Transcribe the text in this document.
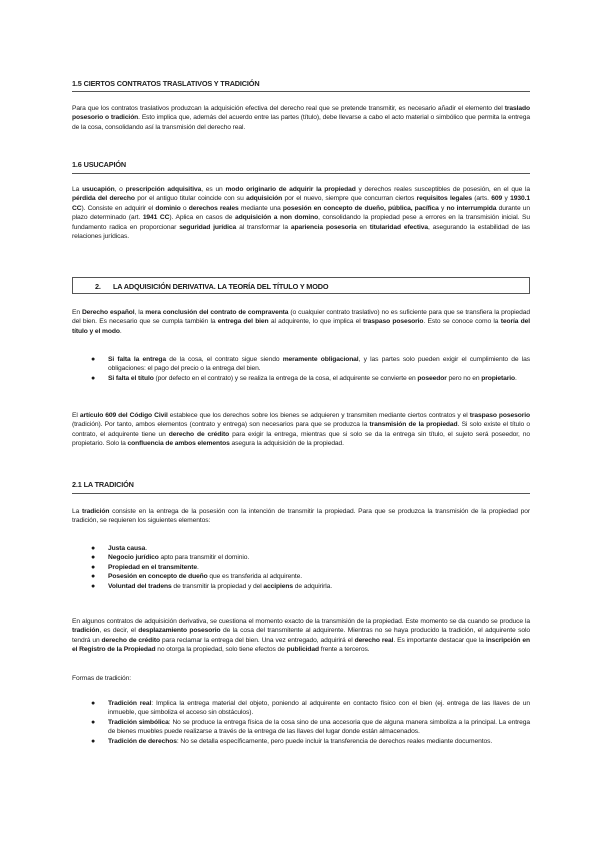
1.5 CIERTOS CONTRATOS TRASLATIVOS Y TRADICIÓN

Para que los contratos traslativos produzcan la adquisición efectiva del derecho real que se pretende transmitir, es necesario añadir el elemento del traslado posesorio o tradición. Esto implica que, además del acuerdo entre las partes (título), debe llevarse a cabo el acto material o simbólico que permita la entrega de la cosa, consolidando así la transmisión del derecho real.

1.6 USUCAPIÓN

La usucapión, o prescripción adquisitiva, es un modo originario de adquirir la propiedad y derechos reales susceptibles de posesión, en el que la pérdida del derecho por el antiguo titular coincide con su adquisición por el nuevo, siempre que concurran ciertos requisitos legales (arts. 609 y 1930.1 CC). Consiste en adquirir el dominio o derechos reales mediante una posesión en concepto de dueño, pública, pacífica y no interrumpida durante un plazo determinado (art. 1941 CC). Aplica en casos de adquisición a non domino, consolidando la propiedad pese a errores en la transmisión inicial. Su fundamento radica en proporcionar seguridad jurídica al transformar la apariencia posesoria en titularidad efectiva, asegurando la estabilidad de las relaciones jurídicas.

2. LA ADQUISICIÓN DERIVATIVA. LA TEORÍA DEL TÍTULO Y MODO

En Derecho español, la mera conclusión del contrato de compraventa (o cualquier contrato traslativo) no es suficiente para que se transfiera la propiedad del bien. Es necesario que se cumpla también la entrega del bien al adquirente, lo que implica el traspaso posesorio. Esto se conoce como la teoría del título y el modo.

● Si falta la entrega de la cosa, el contrato sigue siendo meramente obligacional, y las partes solo pueden exigir el cumplimiento de las obligaciones: el pago del precio o la entrega del bien.
● Si falta el título (por defecto en el contrato) y se realiza la entrega de la cosa, el adquirente se convierte en poseedor pero no en propietario.

El artículo 609 del Código Civil establece que los derechos sobre los bienes se adquieren y transmiten mediante ciertos contratos y el traspaso posesorio (tradición). Por tanto, ambos elementos (contrato y entrega) son necesarios para que se produzca la transmisión de la propiedad. Si solo existe el título o contrato, el adquirente tiene un derecho de crédito para exigir la entrega, mientras que si solo se da la entrega sin título, el sujeto será poseedor, no propietario. Solo la confluencia de ambos elementos asegura la adquisición de la propiedad.

2.1 LA TRADICIÓN

La tradición consiste en la entrega de la posesión con la intención de transmitir la propiedad. Para que se produzca la transmisión de la propiedad por tradición, se requieren los siguientes elementos:

● Justa causa.
● Negocio jurídico apto para transmitir el dominio.
● Propiedad en el transmitente.
● Posesión en concepto de dueño que es transferida al adquirente.
● Voluntad del tradens de transmitir la propiedad y del accipiens de adquirirla.

En algunos contratos de adquisición derivativa, se cuestiona el momento exacto de la transmisión de la propiedad. Este momento se da cuando se produce la tradición, es decir, el desplazamiento posesorio de la cosa del transmitente al adquirente. Mientras no se haya producido la tradición, el adquirente solo tendrá un derecho de crédito para reclamar la entrega del bien. Una vez entregado, adquirirá el derecho real. Es importante destacar que la inscripción en el Registro de la Propiedad no otorga la propiedad, solo tiene efectos de publicidad frente a terceros.

Formas de tradición:

● Tradición real: Implica la entrega material del objeto, poniendo al adquirente en contacto físico con el bien (ej. entrega de las llaves de un inmueble, que simboliza el acceso sin obstáculos).
● Tradición simbólica: No se produce la entrega física de la cosa sino de una accesoria que de alguna manera simboliza a la principal. La entrega de bienes muebles puede realizarse a través de la entrega de las llaves del lugar donde están almacenados.
● Tradición de derechos: No se detalla específicamente, pero puede incluir la transferencia de derechos reales mediante documentos.
